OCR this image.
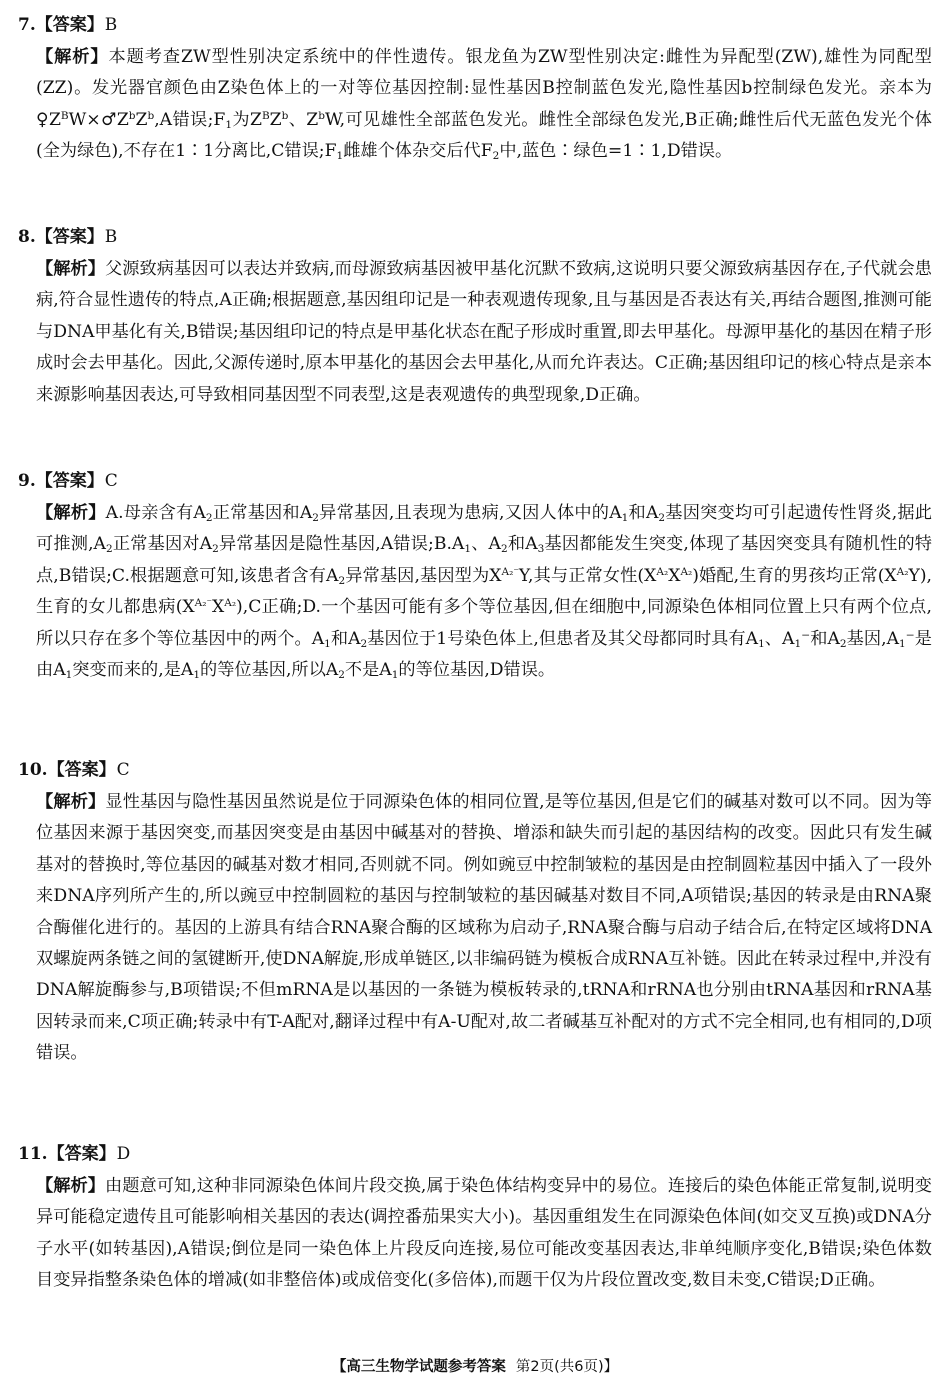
7.【答案】B
【解析】本题考查ZW型性别决定系统中的伴性遗传。银龙鱼为ZW型性别决定:雌性为异配型(ZW),雄性为同配型(ZZ)。发光器官颜色由Z染色体上的一对等位基因控制:显性基因B控制蓝色发光,隐性基因b控制绿色发光。亲本为$♀Z^BW\times♂Z^bZ^b,A$错误$;F_1$为$Z^BZ^b$、$Z^bW$,可见雄性全部蓝色发光。雌性全部绿色发光,B正确;雌性后代无蓝色发光个体(全为绿色),不存在1∶1分离比,C错误$;F_1$雌雄个体杂交后代$F_2$中,蓝色∶绿色=1∶1,D错误。
8.【答案】B
【解析】父源致病基因可以表达并致病,而母源致病基因被甲基化沉默不致病,这说明只要父源致病基因存在,子代就会患病,符合显性遗传的特点,A正确;根据题意,基因组印记是一种表观遗传现象,且与基因是否表达有关,再结合题图,推测可能与DNA甲基化有关,B错误;基因组印记的特点是甲基化状态在配子形成时重置,即去甲基化。母源甲基化的基因在精子形成时会去甲基化。因此,父源传递时,原本甲基化的基因会去甲基化,从而允许表达。C正确;基因组印记的核心特点是亲本来源影响基因表达,可导致相同基因型不同表型,这是表观遗传的典型现象,D正确。
9.【答案】C
【解析】A.母亲含有$A_2$正常基因和$A_2$异常基因,且表现为患病,又因人体中的$A_1$和$A_2$基因突变均可引起遗传性肾炎,据此可推测$,A_2$正常基因对$A_2$异常基因是隐性基因,A错误$;B.A_1$、$A_2$和$A_3$基因都能发生突变,体现了基因突变具有随机性的特点,B错误;C.根据题意可知,该患者含有$A_2$异常基因,基因型为$X^{A_2^-}Y$,其与正常女性$(X^{A_2}X^{A_2})$婚配,生育的男孩均正常$(X^{A_2}Y)$,生育的女儿都患病$(X^{A_2^-}X^{A_2}),C$正确;D.一个基因可能有多个等位基因,但在细胞中,同源染色体相同位置上只有两个位点,所以只存在多个等位基因中的两个。$A_1$和$A_2$基因位于1号染色体上,但患者及其父母都同时具有$A_1$、$A_1^-$和$A_2$基因$,A_1^-$是由$A_1$突变而来的,是$A_1$的等位基因,所以$A_2$不是$A_1$的等位基因,D错误。
10.【答案】C
【解析】显性基因与隐性基因虽然说是位于同源染色体的相同位置,是等位基因,但是它们的碱基对数可以不同。因为等位基因来源于基因突变,而基因突变是由基因中碱基对的替换、增添和缺失而引起的基因结构的改变。因此只有发生碱基对的替换时,等位基因的碱基对数才相同,否则就不同。例如豌豆中控制皱粒的基因是由控制圆粒基因中插入了一段外来DNA序列所产生的,所以豌豆中控制圆粒的基因与控制皱粒的基因碱基对数目不同,A项错误;基因的转录是由RNA聚合酶催化进行的。基因的上游具有结合RNA聚合酶的区域称为启动子,RNA聚合酶与启动子结合后,在特定区域将DNA双螺旋两条链之间的氢键断开,使DNA解旋,形成单链区,以非编码链为模板合成RNA互补链。因此在转录过程中,并没有DNA解旋酶参与,B项错误;不但mRNA是以基因的一条链为模板转录的,tRNA和rRNA也分别由tRNA基因和rRNA基因转录而来,C项正确;转录中有T-A配对,翻译过程中有A-U配对,故二者碱基互补配对的方式不完全相同,也有相同的,D项错误。
11.【答案】D
【解析】由题意可知,这种非同源染色体间片段交换,属于染色体结构变异中的易位。连接后的染色体能正常复制,说明变异可能稳定遗传且可能影响相关基因的表达(调控番茄果实大小)。基因重组发生在同源染色体间(如交叉互换)或DNA分子水平(如转基因),A错误;倒位是同一染色体上片段反向连接,易位可能改变基因表达,非单纯顺序变化,B错误;染色体数目变异指整条染色体的增减(如非整倍体)或成倍变化(多倍体),而题干仅为片段位置改变,数目未变,C错误;D正确。
【高三生物学试题参考答案 第2页(共6页)】
